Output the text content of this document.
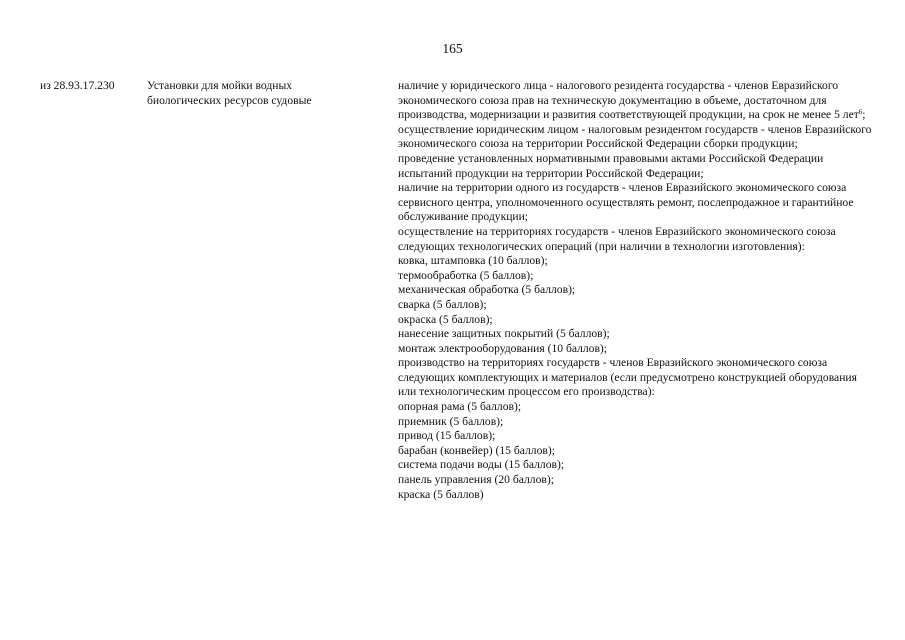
165
из 28.93.17.230	Установки для мойки водных биологических ресурсов судовые
наличие у юридического лица - налогового резидента государства - членов Евразийского экономического союза прав на техническую документацию в объеме, достаточном для производства, модернизации и развития соответствующей продукции, на срок не менее 5 лет$^6$;
осуществление юридическим лицом - налоговым резидентом государств - членов Евразийского экономического союза на территории Российской Федерации сборки продукции;
проведение установленных нормативными правовыми актами Российской Федерации испытаний продукции на территории Российской Федерации;
наличие на территории одного из государств - членов Евразийского экономического союза сервисного центра, уполномоченного осуществлять ремонт, послепродажное и гарантийное обслуживание продукции;
осуществление на территориях государств - членов Евразийского экономического союза следующих технологических операций (при наличии в технологии изготовления):
ковка, штамповка (10 баллов);
термообработка (5 баллов);
механическая обработка (5 баллов);
сварка (5 баллов);
окраска (5 баллов);
нанесение защитных покрытий (5 баллов);
монтаж электрооборудования (10 баллов);
производство на территориях государств - членов Евразийского экономического союза следующих комплектующих и материалов (если предусмотрено конструкцией оборудования или технологическим процессом его производства):
опорная рама (5 баллов);
приемник (5 баллов);
привод (15 баллов);
барабан (конвейер) (15 баллов);
система подачи воды (15 баллов);
панель управления (20 баллов);
краска (5 баллов)
